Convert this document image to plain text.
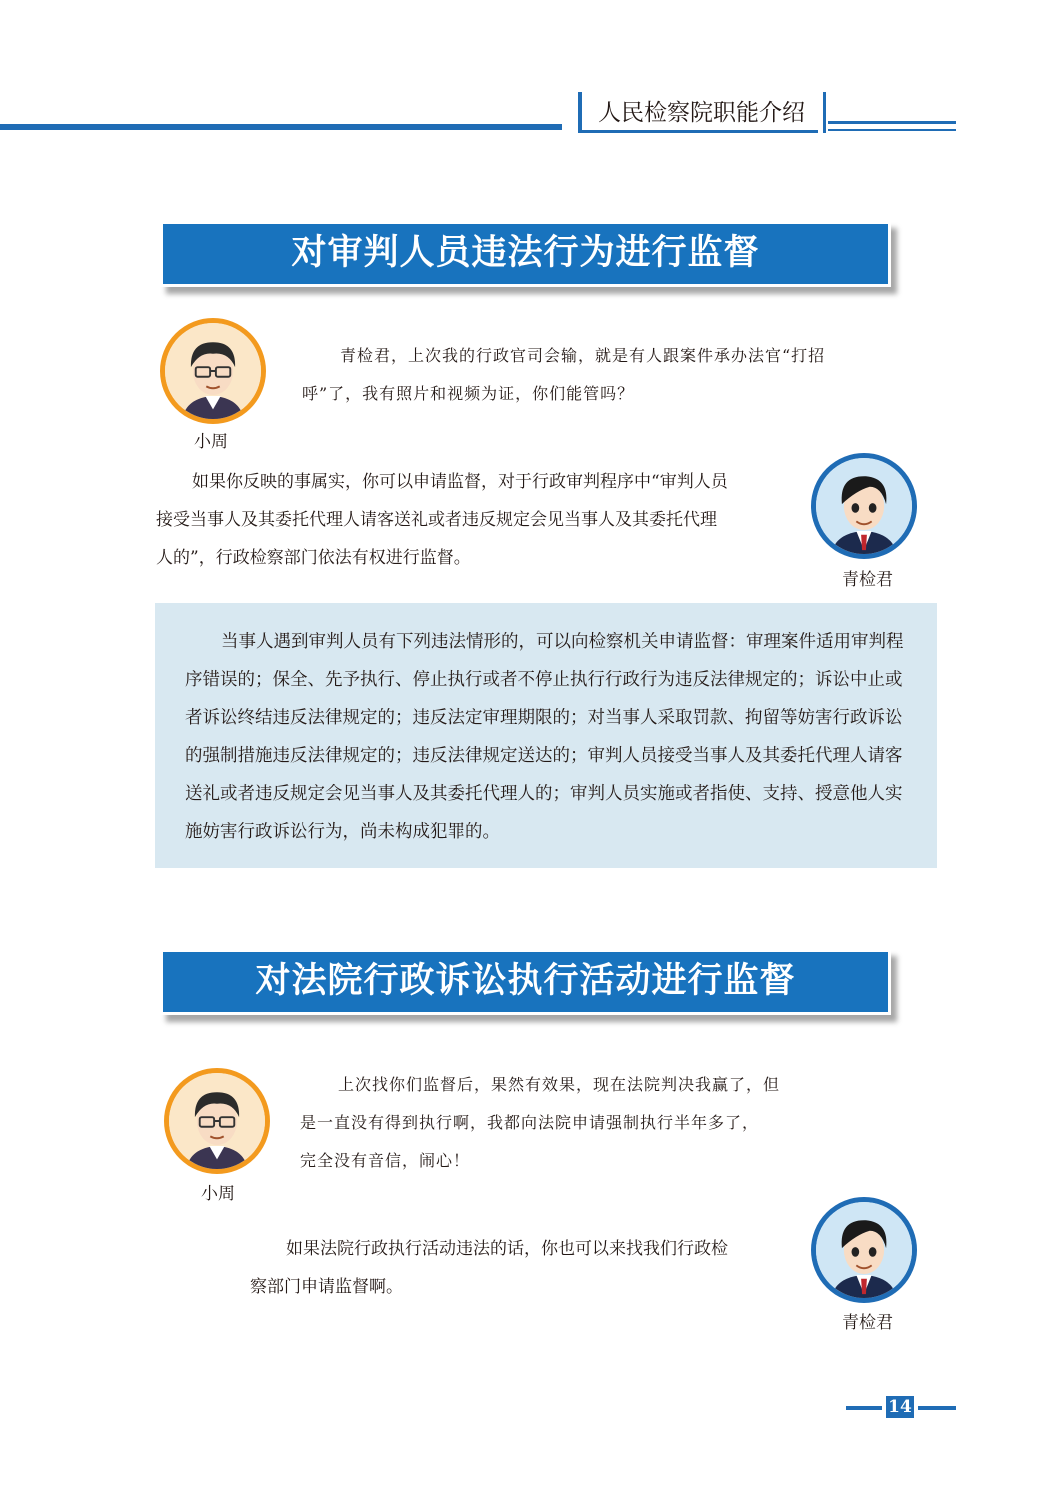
人民检察院职能介绍
对审判人员违法行为进行监督
小周
青检君，上次我的行政官司会输，就是有人跟案件承办法官“打招
呼”了，我有照片和视频为证，你们能管吗？
如果你反映的事属实，你可以申请监督，对于行政审判程序中“审判人员
接受当事人及其委托代理人请客送礼或者违反规定会见当事人及其委托代理
人的”，行政检察部门依法有权进行监督。
青检君
当事人遇到审判人员有下列违法情形的，可以向检察机关申请监督：审理案件适用审判程序错误的；保全、先予执行、停止执行或者不停止执行行政行为违反法律规定的；诉讼中止或者诉讼终结违反法律规定的；违反法定审理期限的；对当事人采取罚款、拘留等妨害行政诉讼的强制措施违反法律规定的；违反法律规定送达的；审判人员接受当事人及其委托代理人请客送礼或者违反规定会见当事人及其委托代理人的；审判人员实施或者指使、支持、授意他人实施妨害行政诉讼行为，尚未构成犯罪的。
对法院行政诉讼执行活动进行监督
小周
上次找你们监督后，果然有效果，现在法院判决我赢了，但
是一直没有得到执行啊，我都向法院申请强制执行半年多了，
完全没有音信，闹心！
如果法院行政执行活动违法的话，你也可以来找我们行政检
察部门申请监督啊。
青检君
14
